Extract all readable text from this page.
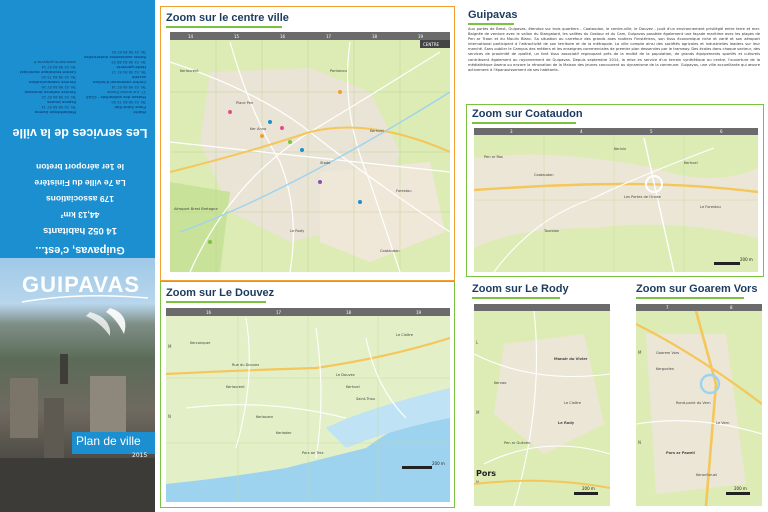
Mairie
Place Saint-Eloi
Tél. 02 98 84 75 00
Maison des solidarités - CCAS
17, rue Amiral Troude
Tél. 02 98 84 87 14
Centre communal d'action sociale
Tél. 02 98 84 87 13
Halte-garderie
Tél. 02 98 84 88 29
Relais assistantes maternelles
Tél. 02 98 84 87 62
Médiathèque Awena
Tél. 02 98 84 87 14
Espace Jeunes
Tél. 02 98 84 87 22
Service enfance jeunesse
Tél. 02 98 84 87 26
Service communication
Tél. 02 98 84 75 00
Centre technique municipal
Tél. 02 98 84 87 24
www.mairie-guipavas.fr
Les services de la ville
le 1er aéroport breton
La 7e ville du Finistère
179 associations
44,13 km²
14 052 habitants
Guipavas, c'est...
GUIPAVAS
Plan de ville
2015
Zoom sur le centre ville
14	15	16	17	18	19
CENTRE
Aéroport Brest Bretagne
Kerlaurent
Place Pen
Ker Anna
Pontanou
Kerhuel
Forestou
Le Rody
Coataudon
Stade
Zoom sur Le Douvez
16	17	18	19
M
N
Rue du Douvez
Kerconquer
Le Douvez
Kerlaurent
Kerlouarn
Kerhuel
Le Cloître
Saint-Thou
Keriadec
Pors an Trez
200 m
Guipavas
Aux portes de Brest, Guipavas, étendue sur trois quartiers - Coataudon, le centre-ville, le Douvez - jouit d'un environnement privilégié entre terre et mer. Baignée de verdure avec le vallon du Stangalard, les vallées du Costour et du Cam, Guipavas possède également une façade maritime avec les plages de Pen ar Traon et du Moulin Blanc. Sa situation au carrefour des grands axes routiers Finistériens, son tissu économique riche et varié et son aéroport international participent à l'attractivité de son territoire et de la métropole. La ville compte ainsi des sociétés agricoles et industrielles leaders sur leur marché. Sans oublier le Campus des métiers et les enseignes commerciales de premier plan desservies par le tramway. Des écoles dans chaque secteur, des services de proximité de qualité, un font tissu associatif regroupant près de la moitié de la population, de grands équipements sportifs et culturels contribuent également au rayonnement de Guipavas. Depuis septembre 2014, la mise en service d'un terrain synthétique au centre, l'ouverture de la médiathèque Awena ou encore la rénovation de la Maison des jeunes concourent au dynamisme de la commune. Guipavas, une ville accueillante qui œuvre activement à l'épanouissement de ses habitants.
Zoom sur Coataudon
3	4	5	6
Kerivin
Coataudon
Pen ar Ros
Kerhuel
Les Portes de l'Iroise
Tourbian
Le Forestou
200 m
Zoom sur Le Rody
L
M
N
Manoir du Vivier
Le Rody
Kervao
Le Cloître
Pen ar Guéven
Pors
200 m
Zoom sur Goarem Vors
7	8
M
N
Goarem Vors
Kerguelen
Rond-point du Vern
Le Vern
Pors ar Pawell
Keranfurust
200 m
